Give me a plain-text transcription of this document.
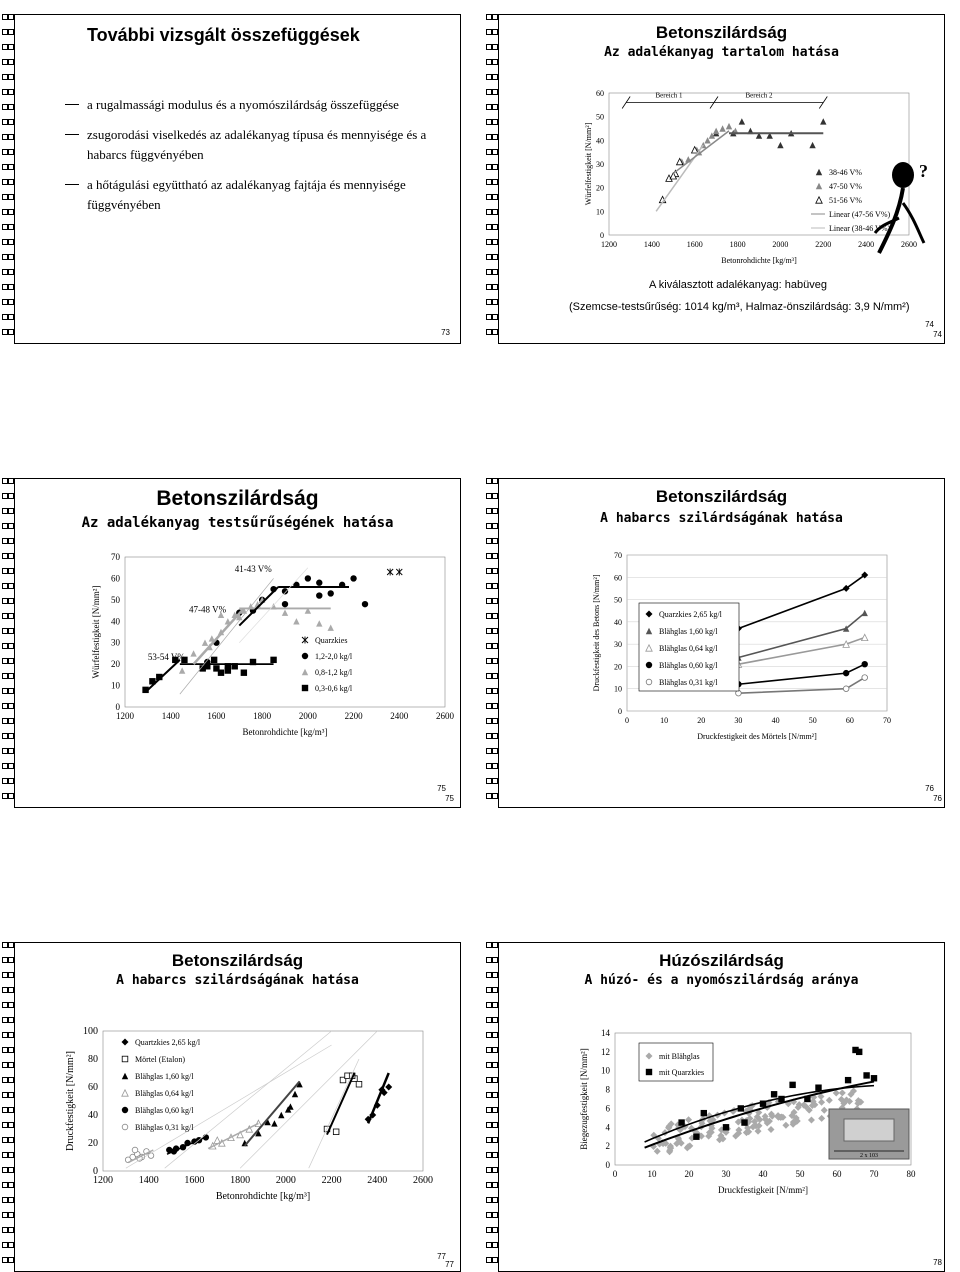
További vizsgált összefüggések
a rugalmassági modulus és a nyomószilárdság összefüggése
zsugorodási viselkedés az adalékanyag típusa és mennyisége és a habarcs függvényében
a hőtágulási együttható az adalékanyag fajtája és mennyisége függvényében
73
Betonszilárdság
Az adalékanyag tartalom hatása
1200	1400	1600	1800	2000	2200	2400	2600
0
10
20
30
40
50
60
Betonrohdichte [kg/m³]
Würfelfestigkeit [N/mm²]
Bereich 1	Bereich 2
38-46 V%
47-50 V%
51-56 V%
Linear (47-56 V%)
Linear (38-46 V%)
?
A kiválasztott adalékanyag: habüveg
(Szemcse-testsűrűség: 1014 kg/m³, Halmaz-önszilárdság: 3,9 N/mm²)
74
74
Betonszilárdság
Az adalékanyag testsűrűségének hatása
1200	1400	1600	1800	2000	2200	2400	2600
0
10
20
30
40
50
60
70
Betonrohdichte [kg/m³]
Würfelfestigkeit [N/mm²]	53-54 V%
47-48 V%
41-43 V%
Quarzkies
1,2-2,0 kg/l
0,8-1,2 kg/l
0,3-0,6 kg/l
75
75
Betonszilárdság
A habarcs szilárdságának hatása
0	10	20	30	40	50	60	70
0
10
20
30
40
50
60
70
Druckfestigkeit des Mörtels [N/mm²]
Druckfestigkeit des Betons [N/mm²]	Quarzkies 2,65 kg/l
Blähglas 1,60 kg/l
Blähglas 0,64 kg/l
Blähglas 0,60 kg/l
Blähglas 0,31 kg/l
76
76
Betonszilárdság
A habarcs szilárdságának hatása
1200	1400	1600	1800	2000	2200	2400	2600
0
20
40
60
80
100
Betonrohdichte [kg/m³]
Druckfestigkeit [N/mm²]
Quartzkies 2,65 kg/l
Mörtel (Etalon)
Blähglas 1,60 kg/l
Blähglas 0,64 kg/l
Blähglas 0,60 kg/l
Blähglas 0,31 kg/l
77
77
Húzószilárdság
A húzó- és a nyomószilárdság aránya
0	10	20	30	40	50	60	70	80
0
2
4
6
8
10
12
14
Druckfestigkeit [N/mm²]
Biegezugfestigkeit [N/mm²]	mit Blähglas
mit Quarzkies
2 x 103
78
